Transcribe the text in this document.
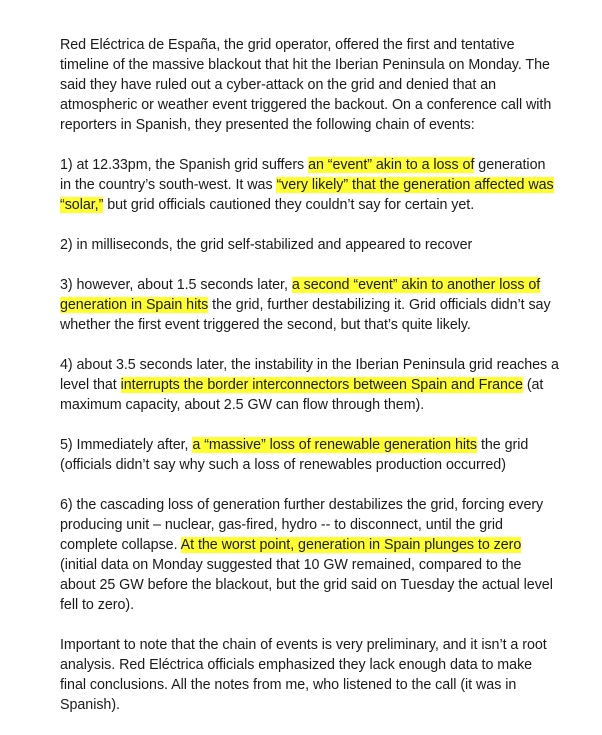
Red Eléctrica de España, the grid operator, offered the first and tentative timeline of the massive blackout that hit the Iberian Peninsula on Monday. The said they have ruled out a cyber-attack on the grid and denied that an atmospheric or weather event triggered the backout. On a conference call with reporters in Spanish, they presented the following chain of events:

1) at 12.33pm, the Spanish grid suffers an “event” akin to a loss of generation in the country’s south-west. It was “very likely” that the generation affected was “solar,” but grid officials cautioned they couldn’t say for certain yet.

2) in milliseconds, the grid self-stabilized and appeared to recover

3) however, about 1.5 seconds later, a second “event” akin to another loss of generation in Spain hits the grid, further destabilizing it. Grid officials didn’t say whether the first event triggered the second, but that’s quite likely.

4) about 3.5 seconds later, the instability in the Iberian Peninsula grid reaches a level that interrupts the border interconnectors between Spain and France (at maximum capacity, about 2.5 GW can flow through them).

5) Immediately after, a “massive” loss of renewable generation hits the grid (officials didn’t say why such a loss of renewables production occurred)

6) the cascading loss of generation further destabilizes the grid, forcing every producing unit – nuclear, gas-fired, hydro -- to disconnect, until the grid complete collapse. At the worst point, generation in Spain plunges to zero (initial data on Monday suggested that 10 GW remained, compared to the about 25 GW before the blackout, but the grid said on Tuesday the actual level fell to zero).

Important to note that the chain of events is very preliminary, and it isn’t a root analysis. Red Eléctrica officials emphasized they lack enough data to make final conclusions. All the notes from me, who listened to the call (it was in Spanish).
